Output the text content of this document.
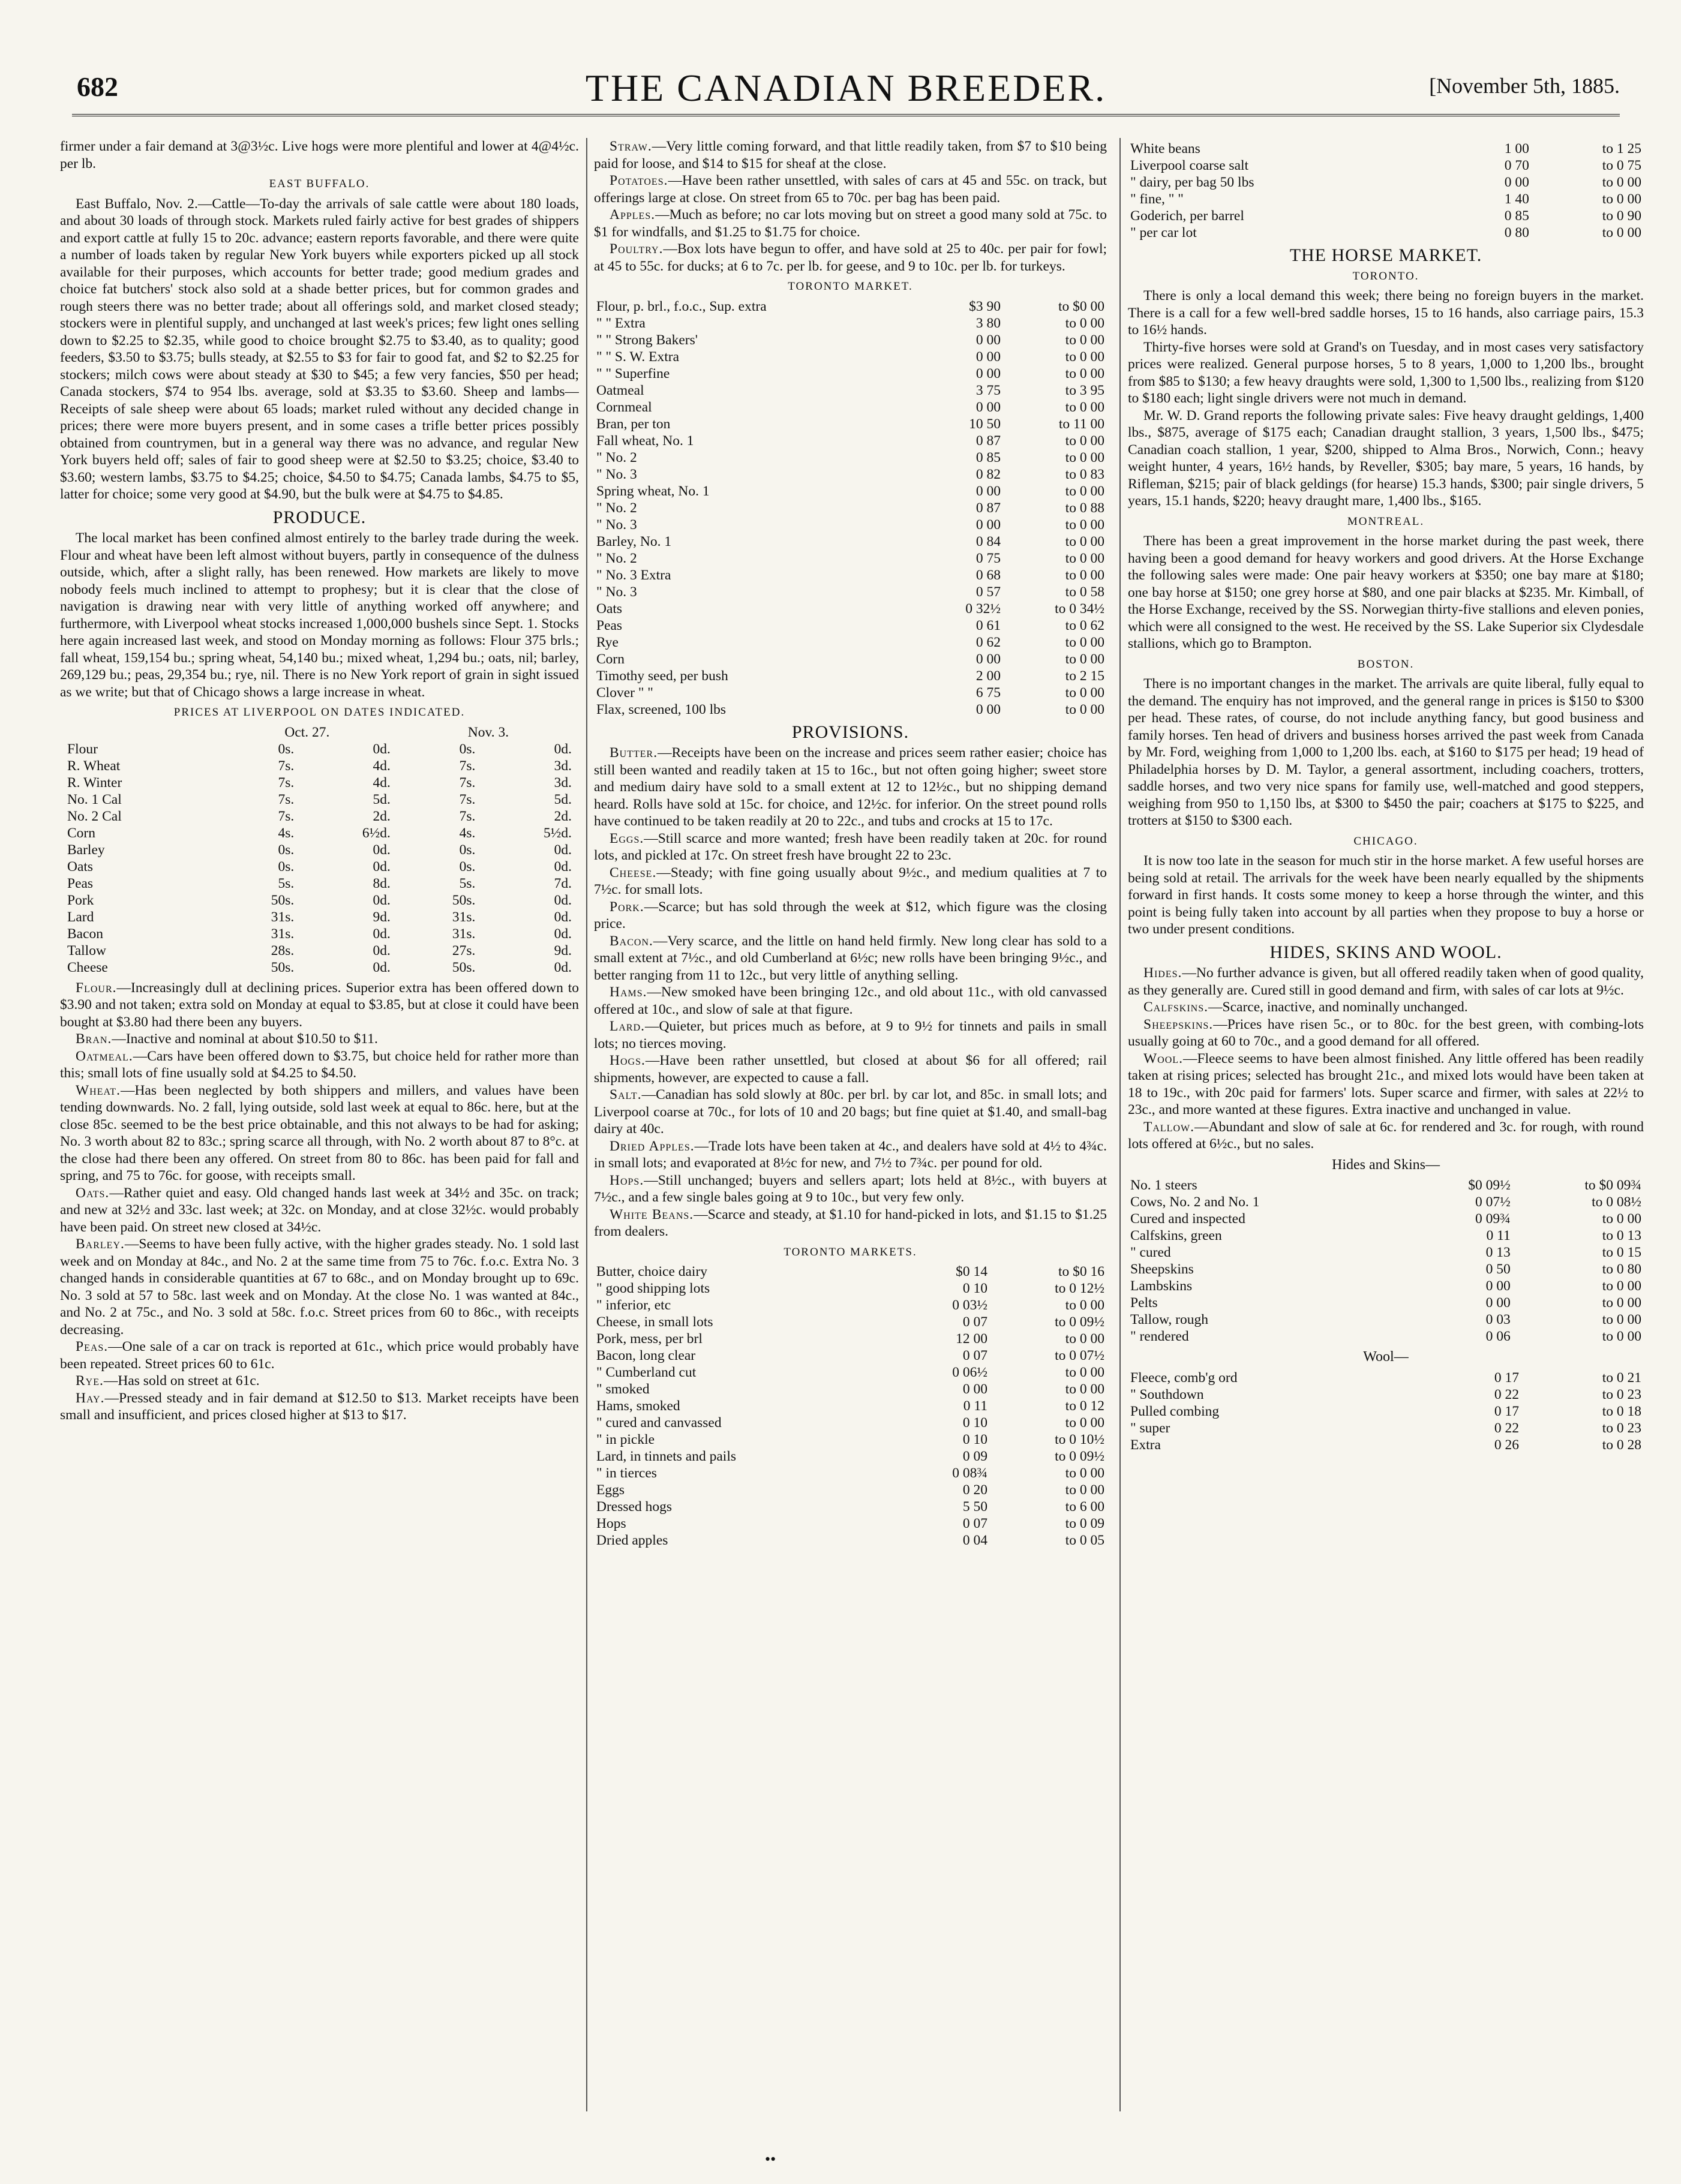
682	THE CANADIAN BREEDER.	[November 5th, 1885.

firmer under a fair demand at 3@3½c. Live hogs were more plentiful and lower at 4@4½c. per lb.

EAST BUFFALO.

East Buffalo, Nov. 2.—Cattle—To-day the arrivals of sale cattle were about 180 loads, and about 30 loads of through stock. Markets ruled fairly active for best grades of shippers and export cattle at fully 15 to 20c. advance; eastern reports favorable, and there were quite a number of loads taken by regular New York buyers while exporters picked up all stock available for their purposes, which accounts for better trade; good medium grades and choice fat butchers' stock also sold at a shade better prices, but for common grades and rough steers there was no better trade; about all offerings sold, and market closed steady; stockers were in plentiful supply, and unchanged at last week's prices; few light ones selling down to $2.25 to $2.35, while good to choice brought $2.75 to $3.40, as to quality; good feeders, $3.50 to $3.75; bulls steady, at $2.55 to $3 for fair to good fat, and $2 to $2.25 for stockers; milch cows were about steady at $30 to $45; a few very fancies, $50 per head; Canada stockers, $74 to 954 lbs. average, sold at $3.35 to $3.60. Sheep and lambs—Receipts of sale sheep were about 65 loads; market ruled without any decided change in prices; there were more buyers present, and in some cases a trifle better prices possibly obtained from countrymen, but in a general way there was no advance, and regular New York buyers held off; sales of fair to good sheep were at $2.50 to $3.25; choice, $3.40 to $3.60; western lambs, $3.75 to $4.25; choice, $4.50 to $4.75; Canada lambs, $4.75 to $5, latter for choice; some very good at $4.90, but the bulk were at $4.75 to $4.85.

PRODUCE.

The local market has been confined almost entirely to the barley trade during the week. Flour and wheat have been left almost without buyers, partly in consequence of the dulness outside, which, after a slight rally, has been renewed. How markets are likely to move nobody feels much inclined to attempt to prophesy; but it is clear that the close of navigation is drawing near with very little of anything worked off anywhere; and furthermore, with Liverpool wheat stocks increased 1,000,000 bushels since Sept. 1. Stocks here again increased last week, and stood on Monday morning as follows: Flour 375 brls.; fall wheat, 159,154 bu.; spring wheat, 54,140 bu.; mixed wheat, 1,294 bu.; oats, nil; barley, 269,129 bu.; peas, 29,354 bu.; rye, nil. There is no New York report of grain in sight issued as we write; but that of Chicago shows a large increase in wheat.

PRICES AT LIVERPOOL ON DATES INDICATED.
	Oct. 27.		Nov. 3.	
Flour	0s.	0d.	0s.	0d.
R. Wheat	7s.	4d.	7s.	3d.
R. Winter	7s.	4d.	7s.	3d.
No. 1 Cal	7s.	5d.	7s.	5d.
No. 2 Cal	7s.	2d.	7s.	2d.
Corn	4s.	6½d.	4s.	5½d.
Barley	0s.	0d.	0s.	0d.
Oats	0s.	0d.	0s.	0d.
Peas	5s.	8d.	5s.	7d.
Pork	50s.	0d.	50s.	0d.
Lard	31s.	9d.	31s.	0d.
Bacon	31s.	0d.	31s.	0d.
Tallow	28s.	0d.	27s.	9d.
Cheese	50s.	0d.	50s.	0d.

Flour.—Increasingly dull at declining prices. Superior extra has been offered down to $3.90 and not taken; extra sold on Monday at equal to $3.85, but at close it could have been bought at $3.80 had there been any buyers.

Bran.—Inactive and nominal at about $10.50 to $11.

Oatmeal.—Cars have been offered down to $3.75, but choice held for rather more than this; small lots of fine usually sold at $4.25 to $4.50.

Wheat.—Has been neglected by both shippers and millers, and values have been tending downwards. No. 2 fall, lying outside, sold last week at equal to 86c. here, but at the close 85c. seemed to be the best price obtainable, and this not always to be had for asking; No. 3 worth about 82 to 83c.; spring scarce all through, with No. 2 worth about 87 to 8°c. at the close had there been any offered. On street from 80 to 86c. has been paid for fall and spring, and 75 to 76c. for goose, with receipts small.

Oats.—Rather quiet and easy. Old changed hands last week at 34½ and 35c. on track; and new at 32½ and 33c. last week; at 32c. on Monday, and at close 32½c. would probably have been paid. On street new closed at 34½c.

Barley.—Seems to have been fully active, with the higher grades steady. No. 1 sold last week and on Monday at 84c., and No. 2 at the same time from 75 to 76c. f.o.c. Extra No. 3 changed hands in considerable quantities at 67 to 68c., and on Monday brought up to 69c. No. 3 sold at 57 to 58c. last week and on Monday. At the close No. 1 was wanted at 84c., and No. 2 at 75c., and No. 3 sold at 58c. f.o.c. Street prices from 60 to 86c., with receipts decreasing.

Peas.—One sale of a car on track is reported at 61c., which price would probably have been repeated. Street prices 60 to 61c.

Rye.—Has sold on street at 61c.

Hay.—Pressed steady and in fair demand at $12.50 to $13. Market receipts have been small and insufficient, and prices closed higher at $13 to $17.

Straw.—Very little coming forward, and that little readily taken, from $7 to $10 being paid for loose, and $14 to $15 for sheaf at the close.

Potatoes.—Have been rather unsettled, with sales of cars at 45 and 55c. on track, but offerings large at close. On street from 65 to 70c. per bag has been paid.

Apples.—Much as before; no car lots moving but on street a good many sold at 75c. to $1 for windfalls, and $1.25 to $1.75 for choice.

Poultry.—Box lots have begun to offer, and have sold at 25 to 40c. per pair for fowl; at 45 to 55c. for ducks; at 6 to 7c. per lb. for geese, and 9 to 10c. per lb. for turkeys.

TORONTO MARKET.
Flour, p. brl., f.o.c., Sup. extra	$3 90	to $0 00
" " Extra	3 80	to 0 00
" " Strong Bakers'	0 00	to 0 00
" " S. W. Extra	0 00	to 0 00
" " Superfine	0 00	to 0 00
Oatmeal	3 75	to 3 95
Cornmeal	0 00	to 0 00
Bran, per ton	10 50	to 11 00
Fall wheat, No. 1	0 87	to 0 00
" No. 2	0 85	to 0 00
" No. 3	0 82	to 0 83
Spring wheat, No. 1	0 00	to 0 00
" No. 2	0 87	to 0 88
" No. 3	0 00	to 0 00
Barley, No. 1	0 84	to 0 00
" No. 2	0 75	to 0 00
" No. 3 Extra	0 68	to 0 00
" No. 3	0 57	to 0 58
Oats	0 32½	to 0 34½
Peas	0 61	to 0 62
Rye	0 62	to 0 00
Corn	0 00	to 0 00
Timothy seed, per bush	2 00	to 2 15
Clover " "	6 75	to 0 00
Flax, screened, 100 lbs	0 00	to 0 00
PROVISIONS.

Butter.—Receipts have been on the increase and prices seem rather easier; choice has still been wanted and readily taken at 15 to 16c., but not often going higher; sweet store and medium dairy have sold to a small extent at 12 to 12½c., but no shipping demand heard. Rolls have sold at 15c. for choice, and 12½c. for inferior. On the street pound rolls have continued to be taken readily at 20 to 22c., and tubs and crocks at 15 to 17c.

Eggs.—Still scarce and more wanted; fresh have been readily taken at 20c. for round lots, and pickled at 17c. On street fresh have brought 22 to 23c.

Cheese.—Steady; with fine going usually about 9½c., and medium qualities at 7 to 7½c. for small lots.

Pork.—Scarce; but has sold through the week at $12, which figure was the closing price.

Bacon.—Very scarce, and the little on hand held firmly. New long clear has sold to a small extent at 7½c., and old Cumberland at 6½c; new rolls have been bringing 9½c., and better ranging from 11 to 12c., but very little of anything selling.

Hams.—New smoked have been bringing 12c., and old about 11c., with old canvassed offered at 10c., and slow of sale at that figure.

Lard.—Quieter, but prices much as before, at 9 to 9½ for tinnets and pails in small lots; no tierces moving.

Hogs.—Have been rather unsettled, but closed at about $6 for all offered; rail shipments, however, are expected to cause a fall.

Salt.—Canadian has sold slowly at 80c. per brl. by car lot, and 85c. in small lots; and Liverpool coarse at 70c., for lots of 10 and 20 bags; but fine quiet at $1.40, and small-bag dairy at 40c.

Dried Apples.—Trade lots have been taken at 4c., and dealers have sold at 4½ to 4¾c. in small lots; and evaporated at 8½c for new, and 7½ to 7¾c. per pound for old.

Hops.—Still unchanged; buyers and sellers apart; lots held at 8½c., with buyers at 7½c., and a few single bales going at 9 to 10c., but very few only.

White Beans.—Scarce and steady, at $1.10 for hand-picked in lots, and $1.15 to $1.25 from dealers.

TORONTO MARKETS.
Butter, choice dairy	$0 14	to $0 16
" good shipping lots	0 10	to 0 12½
" inferior, etc	0 03½	to 0 00
Cheese, in small lots	0 07	to 0 09½
Pork, mess, per brl	12 00	to 0 00
Bacon, long clear	0 07	to 0 07½
" Cumberland cut	0 06½	to 0 00
" smoked	0 00	to 0 00
Hams, smoked	0 11	to 0 12
" cured and canvassed	0 10	to 0 00
" in pickle	0 10	to 0 10½
Lard, in tinnets and pails	0 09	to 0 09½
" in tierces	0 08¾	to 0 00
Eggs	0 20	to 0 00
Dressed hogs	5 50	to 6 00
Hops	0 07	to 0 09
Dried apples	0 04	to 0 05
White beans	1 00	to 1 25
Liverpool coarse salt	0 70	to 0 75
" dairy, per bag 50 lbs	0 00	to 0 00
" fine, " "	1 40	to 0 00
Goderich, per barrel	0 85	to 0 90
" per car lot	0 80	to 0 00
THE HORSE MARKET.
TORONTO.

There is only a local demand this week; there being no foreign buyers in the market. There is a call for a few well-bred saddle horses, 15 to 16 hands, also carriage pairs, 15.3 to 16½ hands.

Thirty-five horses were sold at Grand's on Tuesday, and in most cases very satisfactory prices were realized. General purpose horses, 5 to 8 years, 1,000 to 1,200 lbs., brought from $85 to $130; a few heavy draughts were sold, 1,300 to 1,500 lbs., realizing from $120 to $180 each; light single drivers were not much in demand.

Mr. W. D. Grand reports the following private sales: Five heavy draught geldings, 1,400 lbs., $875, average of $175 each; Canadian draught stallion, 3 years, 1,500 lbs., $475; Canadian coach stallion, 1 year, $200, shipped to Alma Bros., Norwich, Conn.; heavy weight hunter, 4 years, 16½ hands, by Reveller, $305; bay mare, 5 years, 16 hands, by Rifleman, $215; pair of black geldings (for hearse) 15.3 hands, $300; pair single drivers, 5 years, 15.1 hands, $220; heavy draught mare, 1,400 lbs., $165.

MONTREAL.

There has been a great improvement in the horse market during the past week, there having been a good demand for heavy workers and good drivers. At the Horse Exchange the following sales were made: One pair heavy workers at $350; one bay mare at $180; one bay horse at $150; one grey horse at $80, and one pair blacks at $235. Mr. Kimball, of the Horse Exchange, received by the SS. Norwegian thirty-five stallions and eleven ponies, which were all consigned to the west. He received by the SS. Lake Superior six Clydesdale stallions, which go to Brampton.

BOSTON.

There is no important changes in the market. The arrivals are quite liberal, fully equal to the demand. The enquiry has not improved, and the general range in prices is $150 to $300 per head. These rates, of course, do not include anything fancy, but good business and family horses. Ten head of drivers and business horses arrived the past week from Canada by Mr. Ford, weighing from 1,000 to 1,200 lbs. each, at $160 to $175 per head; 19 head of Philadelphia horses by D. M. Taylor, a general assortment, including coachers, trotters, saddle horses, and two very nice spans for family use, well-matched and good steppers, weighing from 950 to 1,150 lbs, at $300 to $450 the pair; coachers at $175 to $225, and trotters at $150 to $300 each.

CHICAGO.

It is now too late in the season for much stir in the horse market. A few useful horses are being sold at retail. The arrivals for the week have been nearly equalled by the shipments forward in first hands. It costs some money to keep a horse through the winter, and this point is being fully taken into account by all parties when they propose to buy a horse or two under present conditions.

HIDES, SKINS AND WOOL.

Hides.—No further advance is given, but all offered readily taken when of good quality, as they generally are. Cured still in good demand and firm, with sales of car lots at 9½c.

Calfskins.—Scarce, inactive, and nominally unchanged.

Sheepskins.—Prices have risen 5c., or to 80c. for the best green, with combing-lots usually going at 60 to 70c., and a good demand for all offered.

Wool.—Fleece seems to have been almost finished. Any little offered has been readily taken at rising prices; selected has brought 21c., and mixed lots would have been taken at 18 to 19c., with 20c paid for farmers' lots. Super scarce and firmer, with sales at 22½ to 23c., and more wanted at these figures. Extra inactive and unchanged in value.

Tallow.—Abundant and slow of sale at 6c. for rendered and 3c. for rough, with round lots offered at 6½c., but no sales.

Hides and Skins—
No. 1 steers	$0 09½	to $0 09¾
Cows, No. 2 and No. 1	0 07½	to 0 08½
Cured and inspected	0 09¾	to 0 00
Calfskins, green	0 11	to 0 13
" cured	0 13	to 0 15
Sheepskins	0 50	to 0 80
Lambskins	0 00	to 0 00
Pelts	0 00	to 0 00
Tallow, rough	0 03	to 0 00
" rendered	0 06	to 0 00
Wool—
Fleece, comb'g ord	0 17	to 0 21
" Southdown	0 22	to 0 23
Pulled combing	0 17	to 0 18
" super	0 22	to 0 23
Extra	0 26	to 0 28
••
